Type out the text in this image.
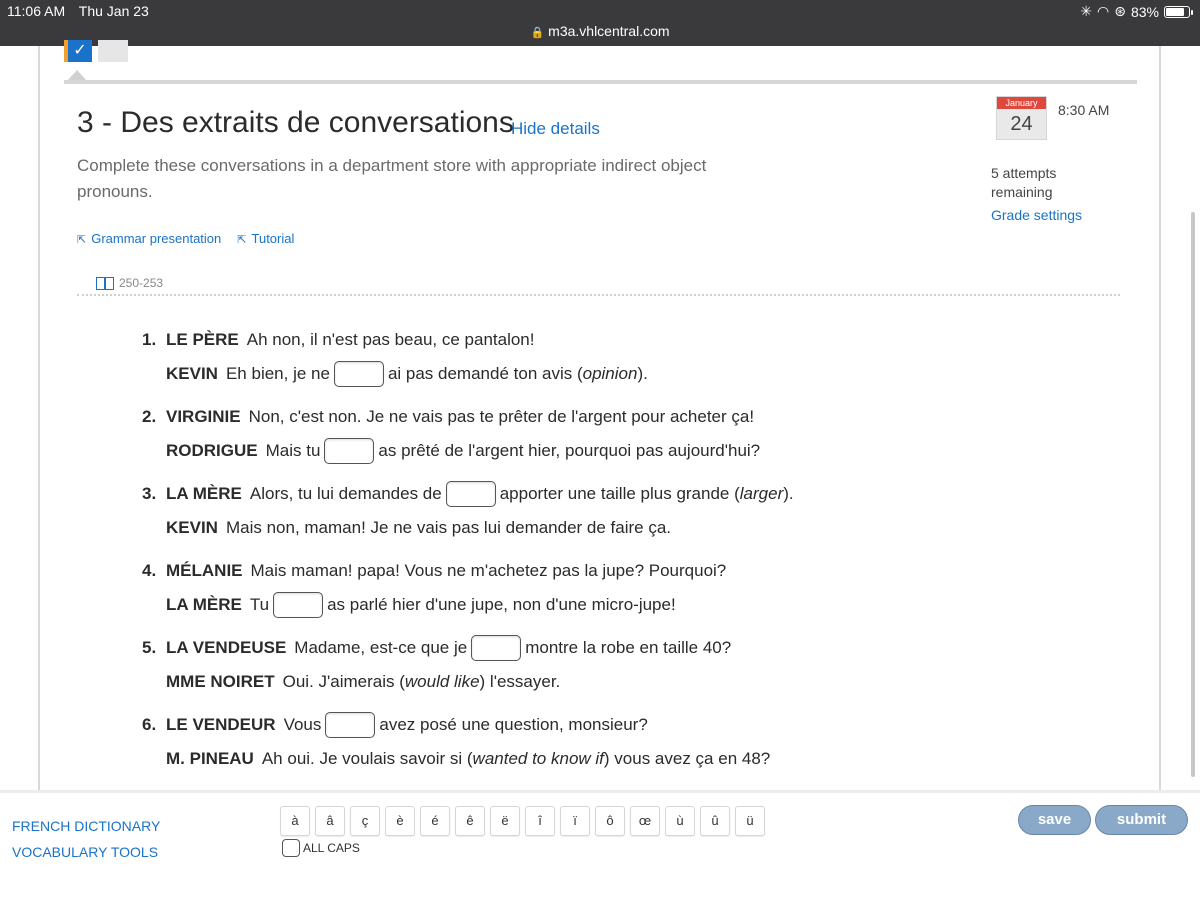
11:06 AM Thu Jan 23	✳ ◠ ⊛ 83%
🔒 m3a.vhlcentral.com
✓
3 - Des extraits de conversations
Hide details
Complete these conversations in a department store with appropriate indirect object pronouns.
⇱ Grammar presentation ⇱ Tutorial
250-253
January
24
8:30 AM
5 attempts remaining
Grade settings
1. LE PÈRE Ah non, il n'est pas beau, ce pantalon!
KEVIN Eh bien, je ne	ai pas demandé ton avis ( opinion ).
2. VIRGINIE Non, c'est non. Je ne vais pas te prêter de l'argent pour acheter ça!
RODRIGUE Mais tu	as prêté de l'argent hier, pourquoi pas aujourd'hui?
3. LA MÈRE Alors, tu lui demandes de	apporter une taille plus grande ( larger ).
KEVIN Mais non, maman! Je ne vais pas lui demander de faire ça.
4. MÉLANIE Mais maman! papa! Vous ne m'achetez pas la jupe? Pourquoi?
LA MÈRE Tu	as parlé hier d'une jupe, non d'une micro-jupe!
5. LA VENDEUSE Madame, est-ce que je	montre la robe en taille 40?
MME NOIRET Oui. J'aimerais ( would like ) l'essayer.
6. LE VENDEUR Vous	avez posé une question, monsieur?
M. PINEAU Ah oui. Je voulais savoir si ( wanted to know if ) vous avez ça en 48?
FRENCH DICTIONARY
VOCABULARY TOOLS
à	â	ç	è	é	ê	ë	î	ï	ô	œ	ù	û	ü
ALL CAPS
save	submit
